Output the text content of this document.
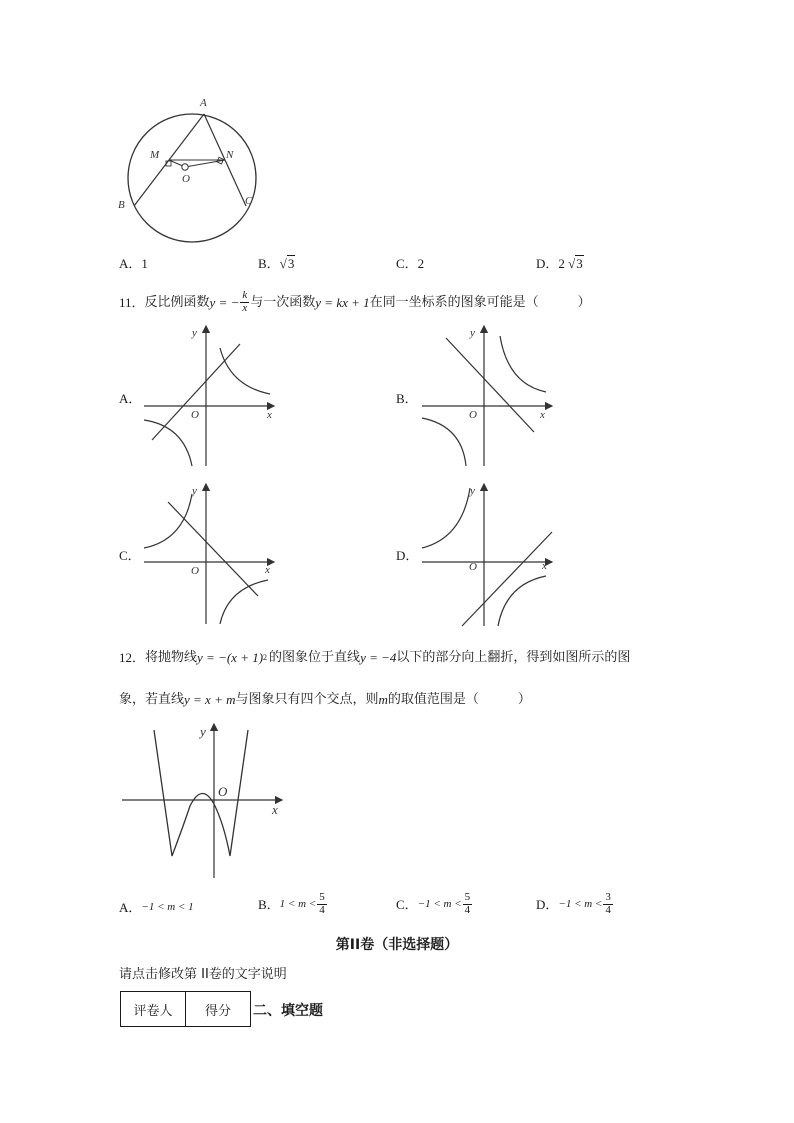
A
M	N
O
B	C
A．1	B．√3	C．2	D．2 √3
11． 反比例函数 y = − $\frac{k}{x}$ 与一次函数 y = kx + 1 在同一坐标系的图象可能是（　　　）
A．	B．
C．	D．
y
O	x
y
O	x
y
O	x
y
O	x
12． 将抛物线 y = −(x + 1) 2 的图象位于直线 y = −4 以下的部分向上翻折，得到如图所示的图
象，若直线 y = x + m 与图象只有四个交点，则 m 的取值范围是（　　　）
y
O
x
A． −1 < m < 1	B． $1 < m < \frac{5}{4}$	C． $-1 < m < \frac{5}{4}$	D． $-1 < m < \frac{3}{4}$
第II卷（非选择题）
请点击修改第 II卷的文字说明
评卷人	得分 二、填空题
